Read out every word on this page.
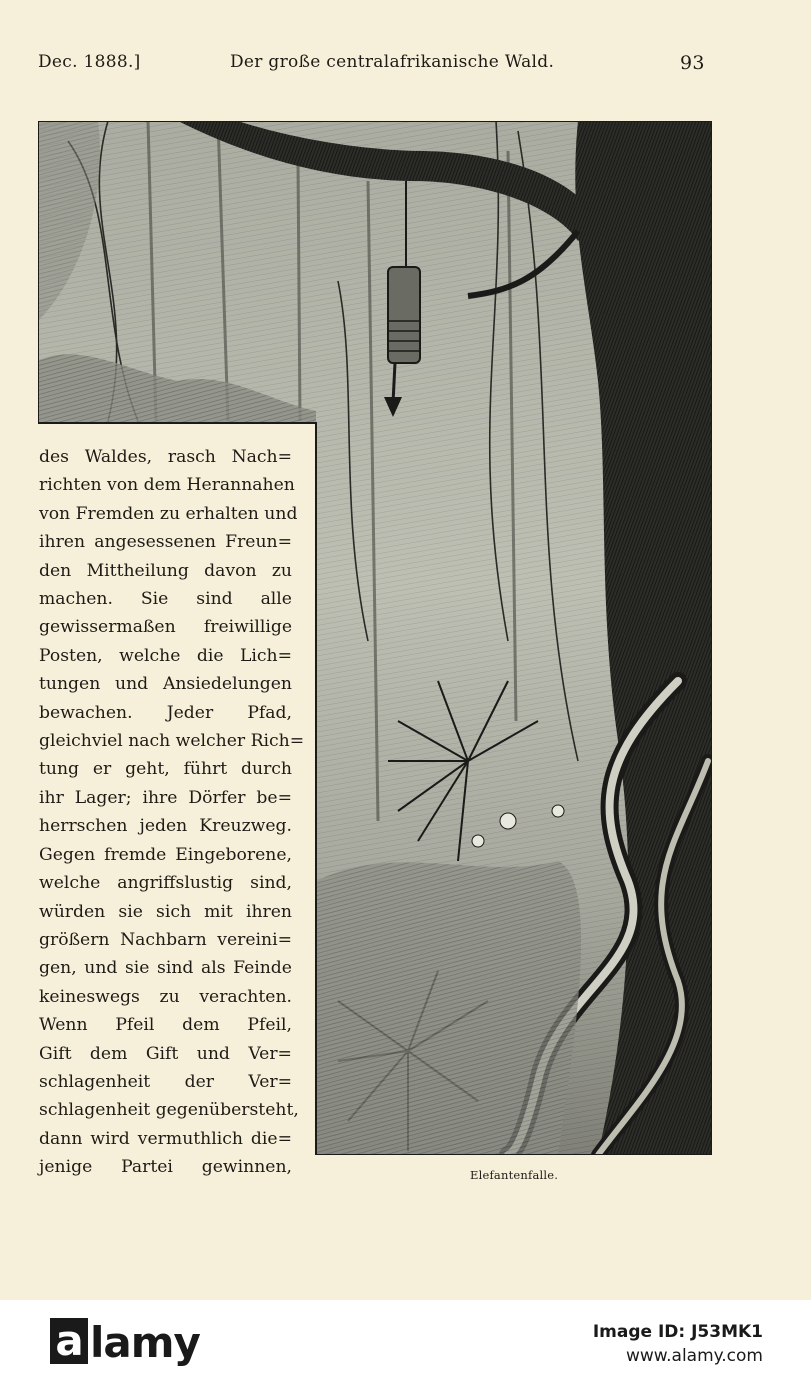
Dec. 1888.]	Der große centralafrikanische Wald.	93
des Waldes, rasch Nach=
richten von dem Herannahen
von Fremden zu erhalten und
ihren angesessenen Freun=
den Mittheilung davon zu
machen. Sie sind alle
gewissermaßen freiwillige
Posten, welche die Lich=
tungen und Ansiedelungen
bewachen. Jeder Pfad,
gleichviel nach welcher Rich=
tung er geht, führt durch
ihr Lager; ihre Dörfer be=
herrschen jeden Kreuzweg.
Gegen fremde Eingeborene,
welche angriffslustig sind,
würden sie sich mit ihren
größern Nachbarn vereini=
gen, und sie sind als Feinde
keineswegs zu verachten.
Wenn Pfeil dem Pfeil,
Gift dem Gift und Ver=
schlagenheit der Ver=
schlagenheit gegenübersteht,
dann wird vermuthlich die=
jenige Partei gewinnen,	Elefantenfalle.
a lamy	Image ID: J53MK1
www.alamy.com
